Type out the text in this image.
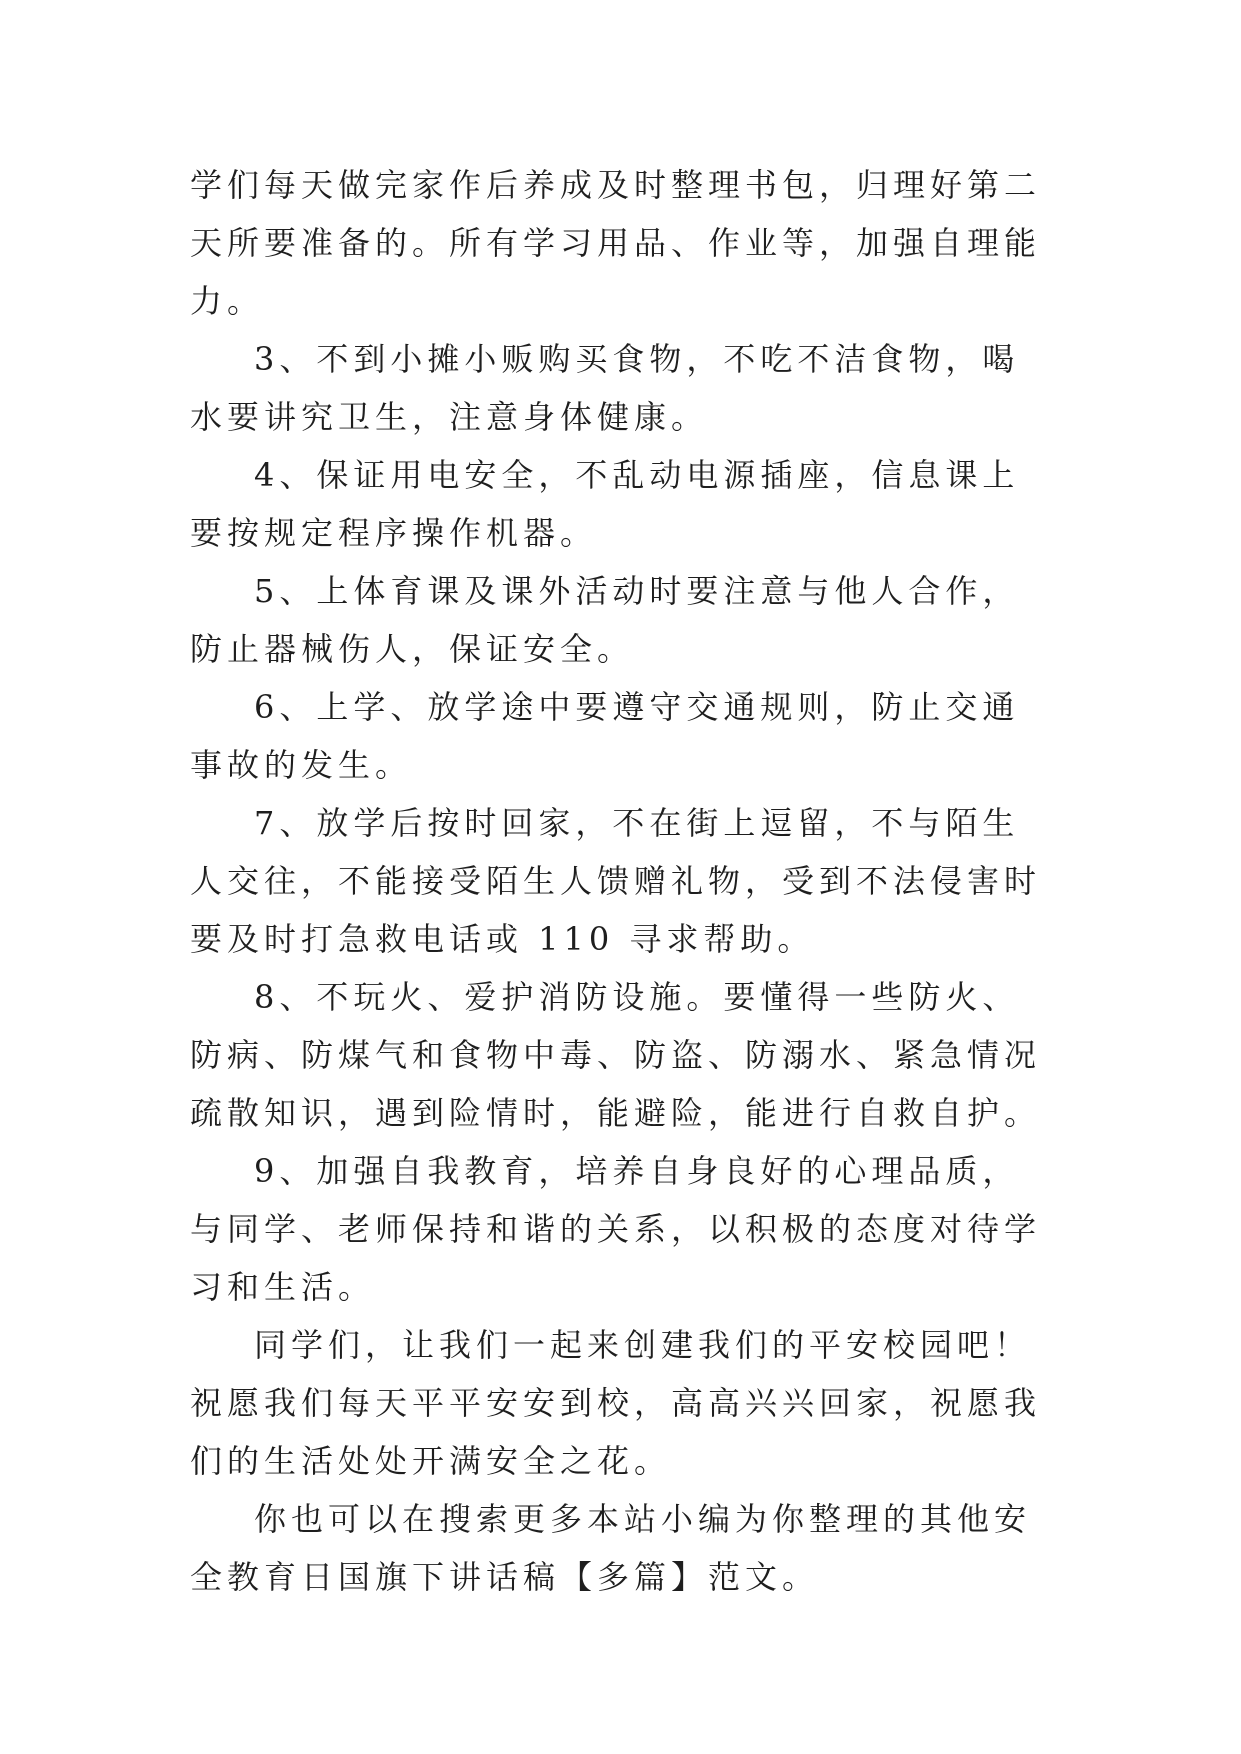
学们每天做完家作后养成及时整理书包，归理好第二天所要准备的。所有学习用品、作业等，加强自理能力。

3、不到小摊小贩购买食物，不吃不洁食物，喝水要讲究卫生，注意身体健康。

4、保证用电安全，不乱动电源插座，信息课上要按规定程序操作机器。

5、上体育课及课外活动时要注意与他人合作，防止器械伤人，保证安全。

6、上学、放学途中要遵守交通规则，防止交通事故的发生。

7、放学后按时回家，不在街上逗留，不与陌生人交往，不能接受陌生人馈赠礼物，受到不法侵害时要及时打急救电话或 110 寻求帮助。

8、不玩火、爱护消防设施。要懂得一些防火、防病、防煤气和食物中毒、防盗、防溺水、紧急情况疏散知识，遇到险情时，能避险，能进行自救自护。

9、加强自我教育，培养自身良好的心理品质，与同学、老师保持和谐的关系，以积极的态度对待学习和生活。

同学们，让我们一起来创建我们的平安校园吧！祝愿我们每天平平安安到校，高高兴兴回家，祝愿我们的生活处处开满安全之花。

你也可以在搜索更多本站小编为你整理的其他安全教育日国旗下讲话稿【多篇】范文。
